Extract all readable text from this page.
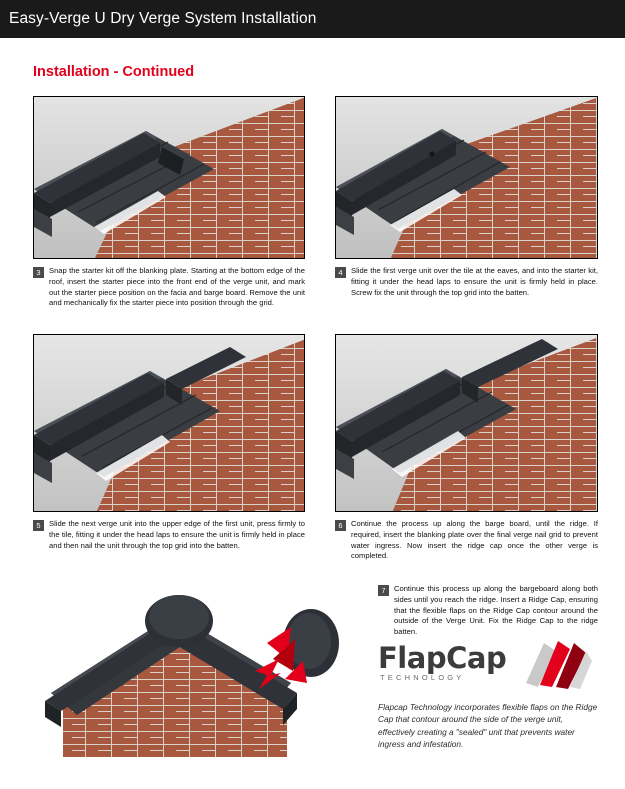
Easy-Verge U Dry Verge System Installation
Installation - Continued
3	Snap the starter kit off the blanking plate. Starting at the bottom edge of the roof, insert the starter piece into the front end of the verge unit, and mark out the starter piece position on the facia and barge board. Remove the unit and mechanically fix the starter piece into position through the grid.
4	Slide the first verge unit over the tile at the eaves, and into the starter kit, fitting it under the head laps to ensure the unit is firmly held in place. Screw fix the unit through the top grid into the batten.
5	Slide the next verge unit into the upper edge of the first unit, press firmly to the tile, fitting it under the head laps to ensure the unit is firmly held in place and then nail the unit through the top grid into the batten.
6	Continue the process up along the barge board, until the ridge. If required, insert the blanking plate over the final verge nail grid to prevent water ingress. Now insert the ridge cap once the other verge is completed.
7	Continue this process up along the bargeboard along both sides until you reach the ridge. Insert a Ridge Cap, ensuring that the flexible flaps on the Ridge Cap contour around the outside of the Verge Unit. Fix the Ridge Cap to the ridge batten.
FlapCap
TECHNOLOGY
Flapcap Technology incorporates flexible flaps on the Ridge Cap that contour around the side of the verge unit, effectively creating a "sealed" unit that prevents water ingress and infestation.
